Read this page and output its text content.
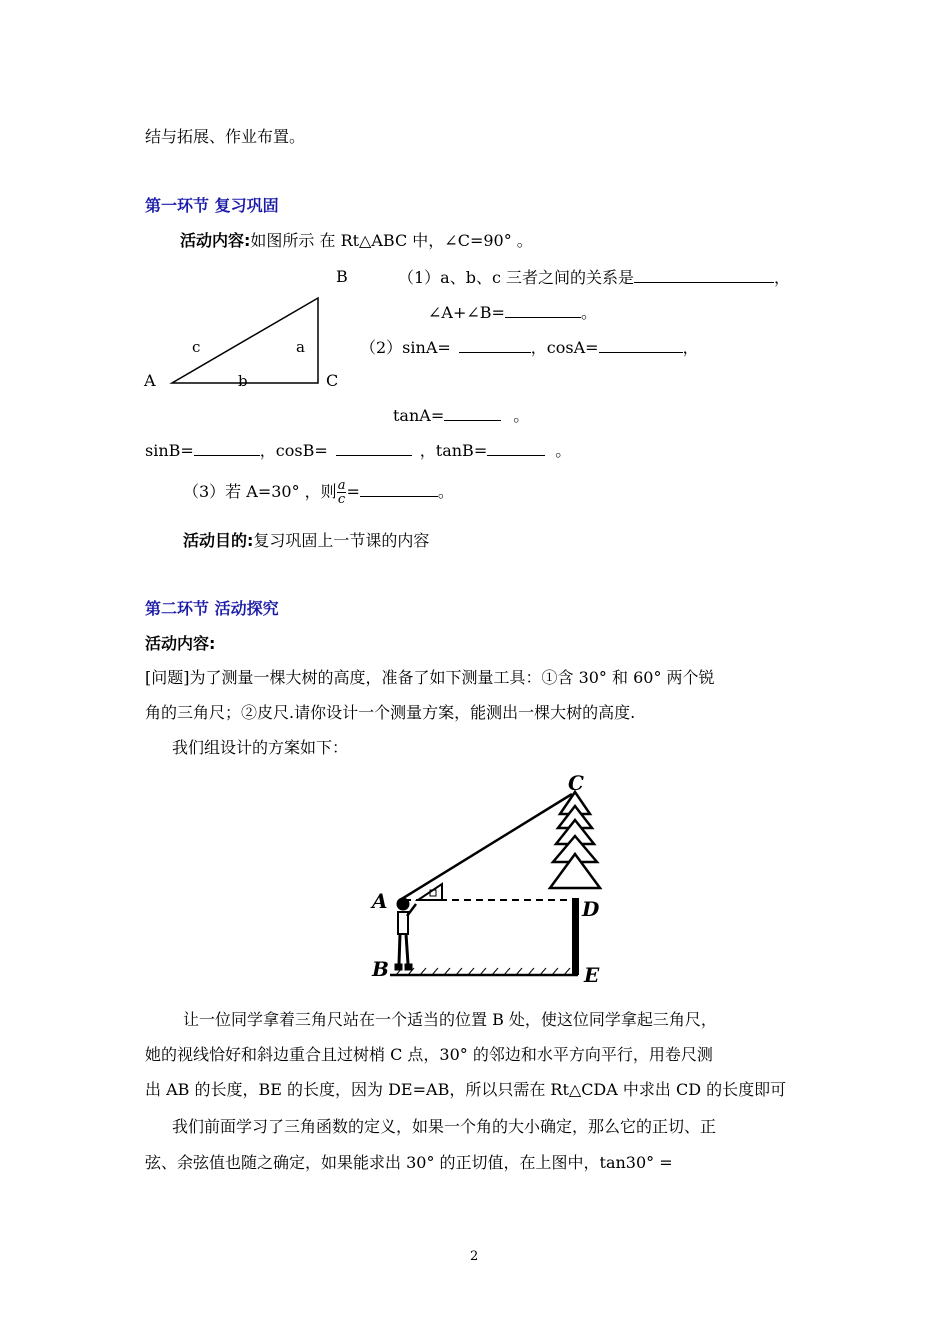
结与拓展、作业布置。
第一环节 复习巩固
活动内容:如图所示 在 Rt△ABC 中，∠C=90° 。
B
c	a
A	b	C
（1）a、b、c 三者之间的关系是	，
∠A+∠B=	。
（2）sinA=	，cosA=	，
tanA=	。
sinB=	，cosB=	，tanB=	。
（3）若 A=30° ，则 $\frac{a}{c}$ =	。
活动目的:复习巩固上一节课的内容
第二环节 活动探究
活动内容:
[问题]为了测量一棵大树的高度，准备了如下测量工具：①含 30° 和 60° 两个锐
角的三角尺；②皮尺.请你设计一个测量方案，能测出一棵大树的高度.
我们组设计的方案如下：
C
A	D
B	E
让一位同学拿着三角尺站在一个适当的位置 B 处，使这位同学拿起三角尺，
她的视线恰好和斜边重合且过树梢 C 点，30° 的邻边和水平方向平行，用卷尺测
出 AB 的长度，BE 的长度，因为 DE=AB，所以只需在 Rt△CDA 中求出 CD 的长度即可
我们前面学习了三角函数的定义，如果一个角的大小确定，那么它的正切、正
弦、余弦值也随之确定，如果能求出 30° 的正切值，在上图中，tan30° =
2
